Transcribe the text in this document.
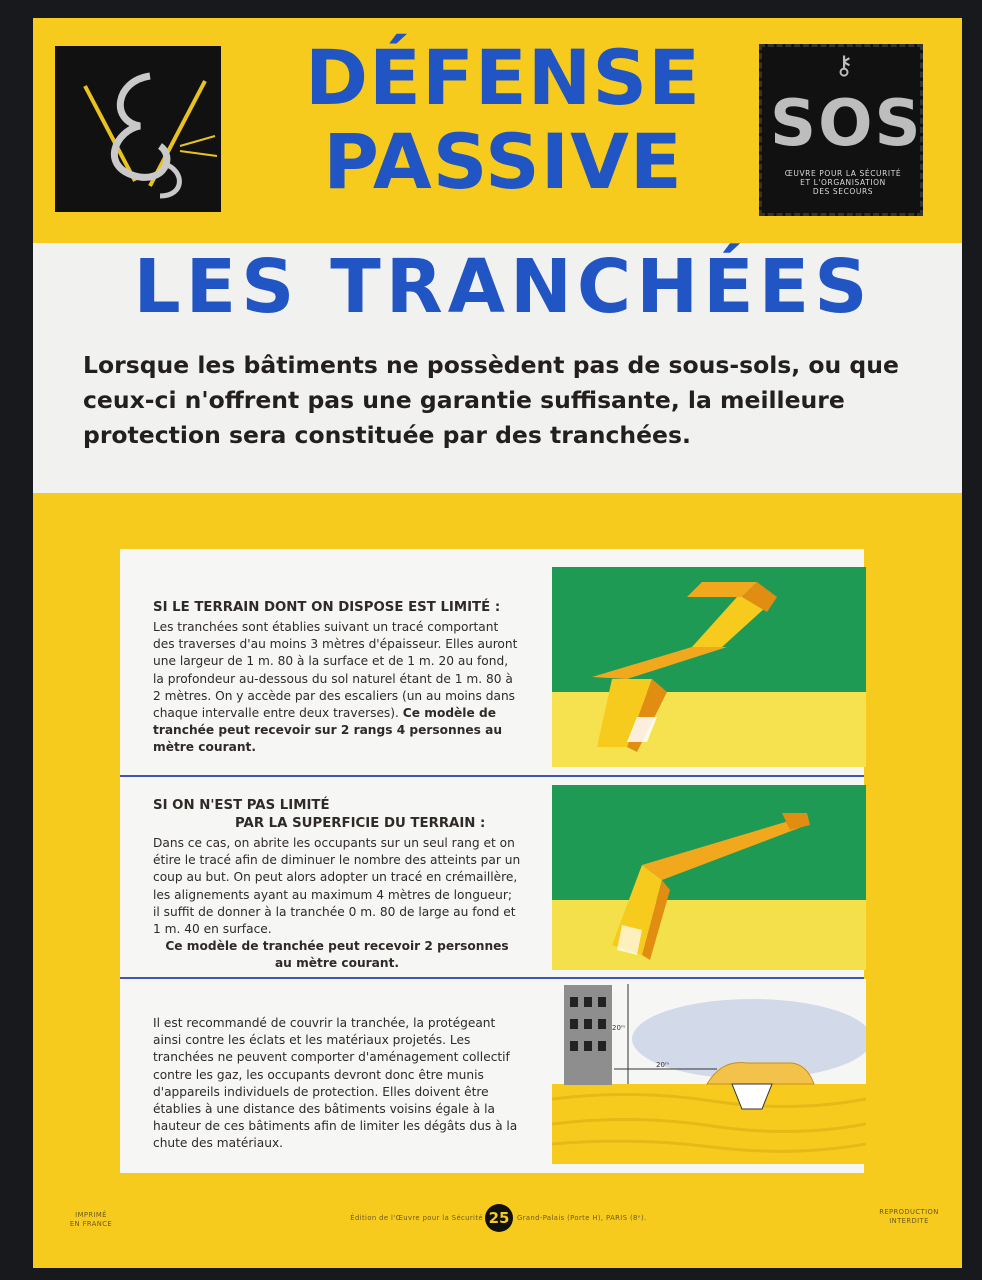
DÉFENSE
PASSIVE
⚷
SOS
ŒUVRE POUR LA SÉCURITÉ
ET L'ORGANISATION
DES SECOURS
LES TRANCHÉES
Lorsque les bâtiments ne possèdent pas de sous-sols, ou que ceux-ci n'offrent pas une garantie suffisante, la meilleure protection sera constituée par des tranchées.
SI LE TERRAIN DONT ON DISPOSE EST LIMITÉ :
Les tranchées sont établies suivant un tracé comportant des traverses d'au moins 3 mètres d'épaisseur. Elles auront une largeur de 1 m. 80 à la surface et de 1 m. 20 au fond, la profondeur au-dessous du sol naturel étant de 1 m. 80 à 2 mètres. On y accède par des escaliers (un au moins dans chaque intervalle entre deux traverses). Ce modèle de tranchée peut recevoir sur 2 rangs 4 personnes au mètre courant.
SI ON N'EST PAS LIMITÉ
PAR LA SUPERFICIE DU TERRAIN :
Dans ce cas, on abrite les occupants sur un seul rang et on étire le tracé afin de diminuer le nombre des atteints par un coup au but. On peut alors adopter un tracé en crémaillère, les alignements ayant au maximum 4 mètres de longueur; il suffit de donner à la tranchée 0 m. 80 de large au fond et 1 m. 40 en surface.
Ce modèle de tranchée peut recevoir 2 personnes
au mètre courant.
Il est recommandé de couvrir la tranchée, la protégeant ainsi contre les éclats et les matériaux projetés. Les tranchées ne peuvent comporter d'aménagement collectif contre les gaz, les occupants devront donc être munis d'appareils individuels de protection. Elles doivent être établies à une distance des bâtiments voisins égale à la hauteur de ces bâtiments afin de limiter les dégâts dus à la chute des matériaux.
20ᵐ
20ᵐ
IMPRIMÉ
EN FRANCE
Édition de l'Œuvre pour la Sécurité 25	Grand-Palais (Porte H), PARIS (8ᵉ).
REPRODUCTION
INTERDITE
